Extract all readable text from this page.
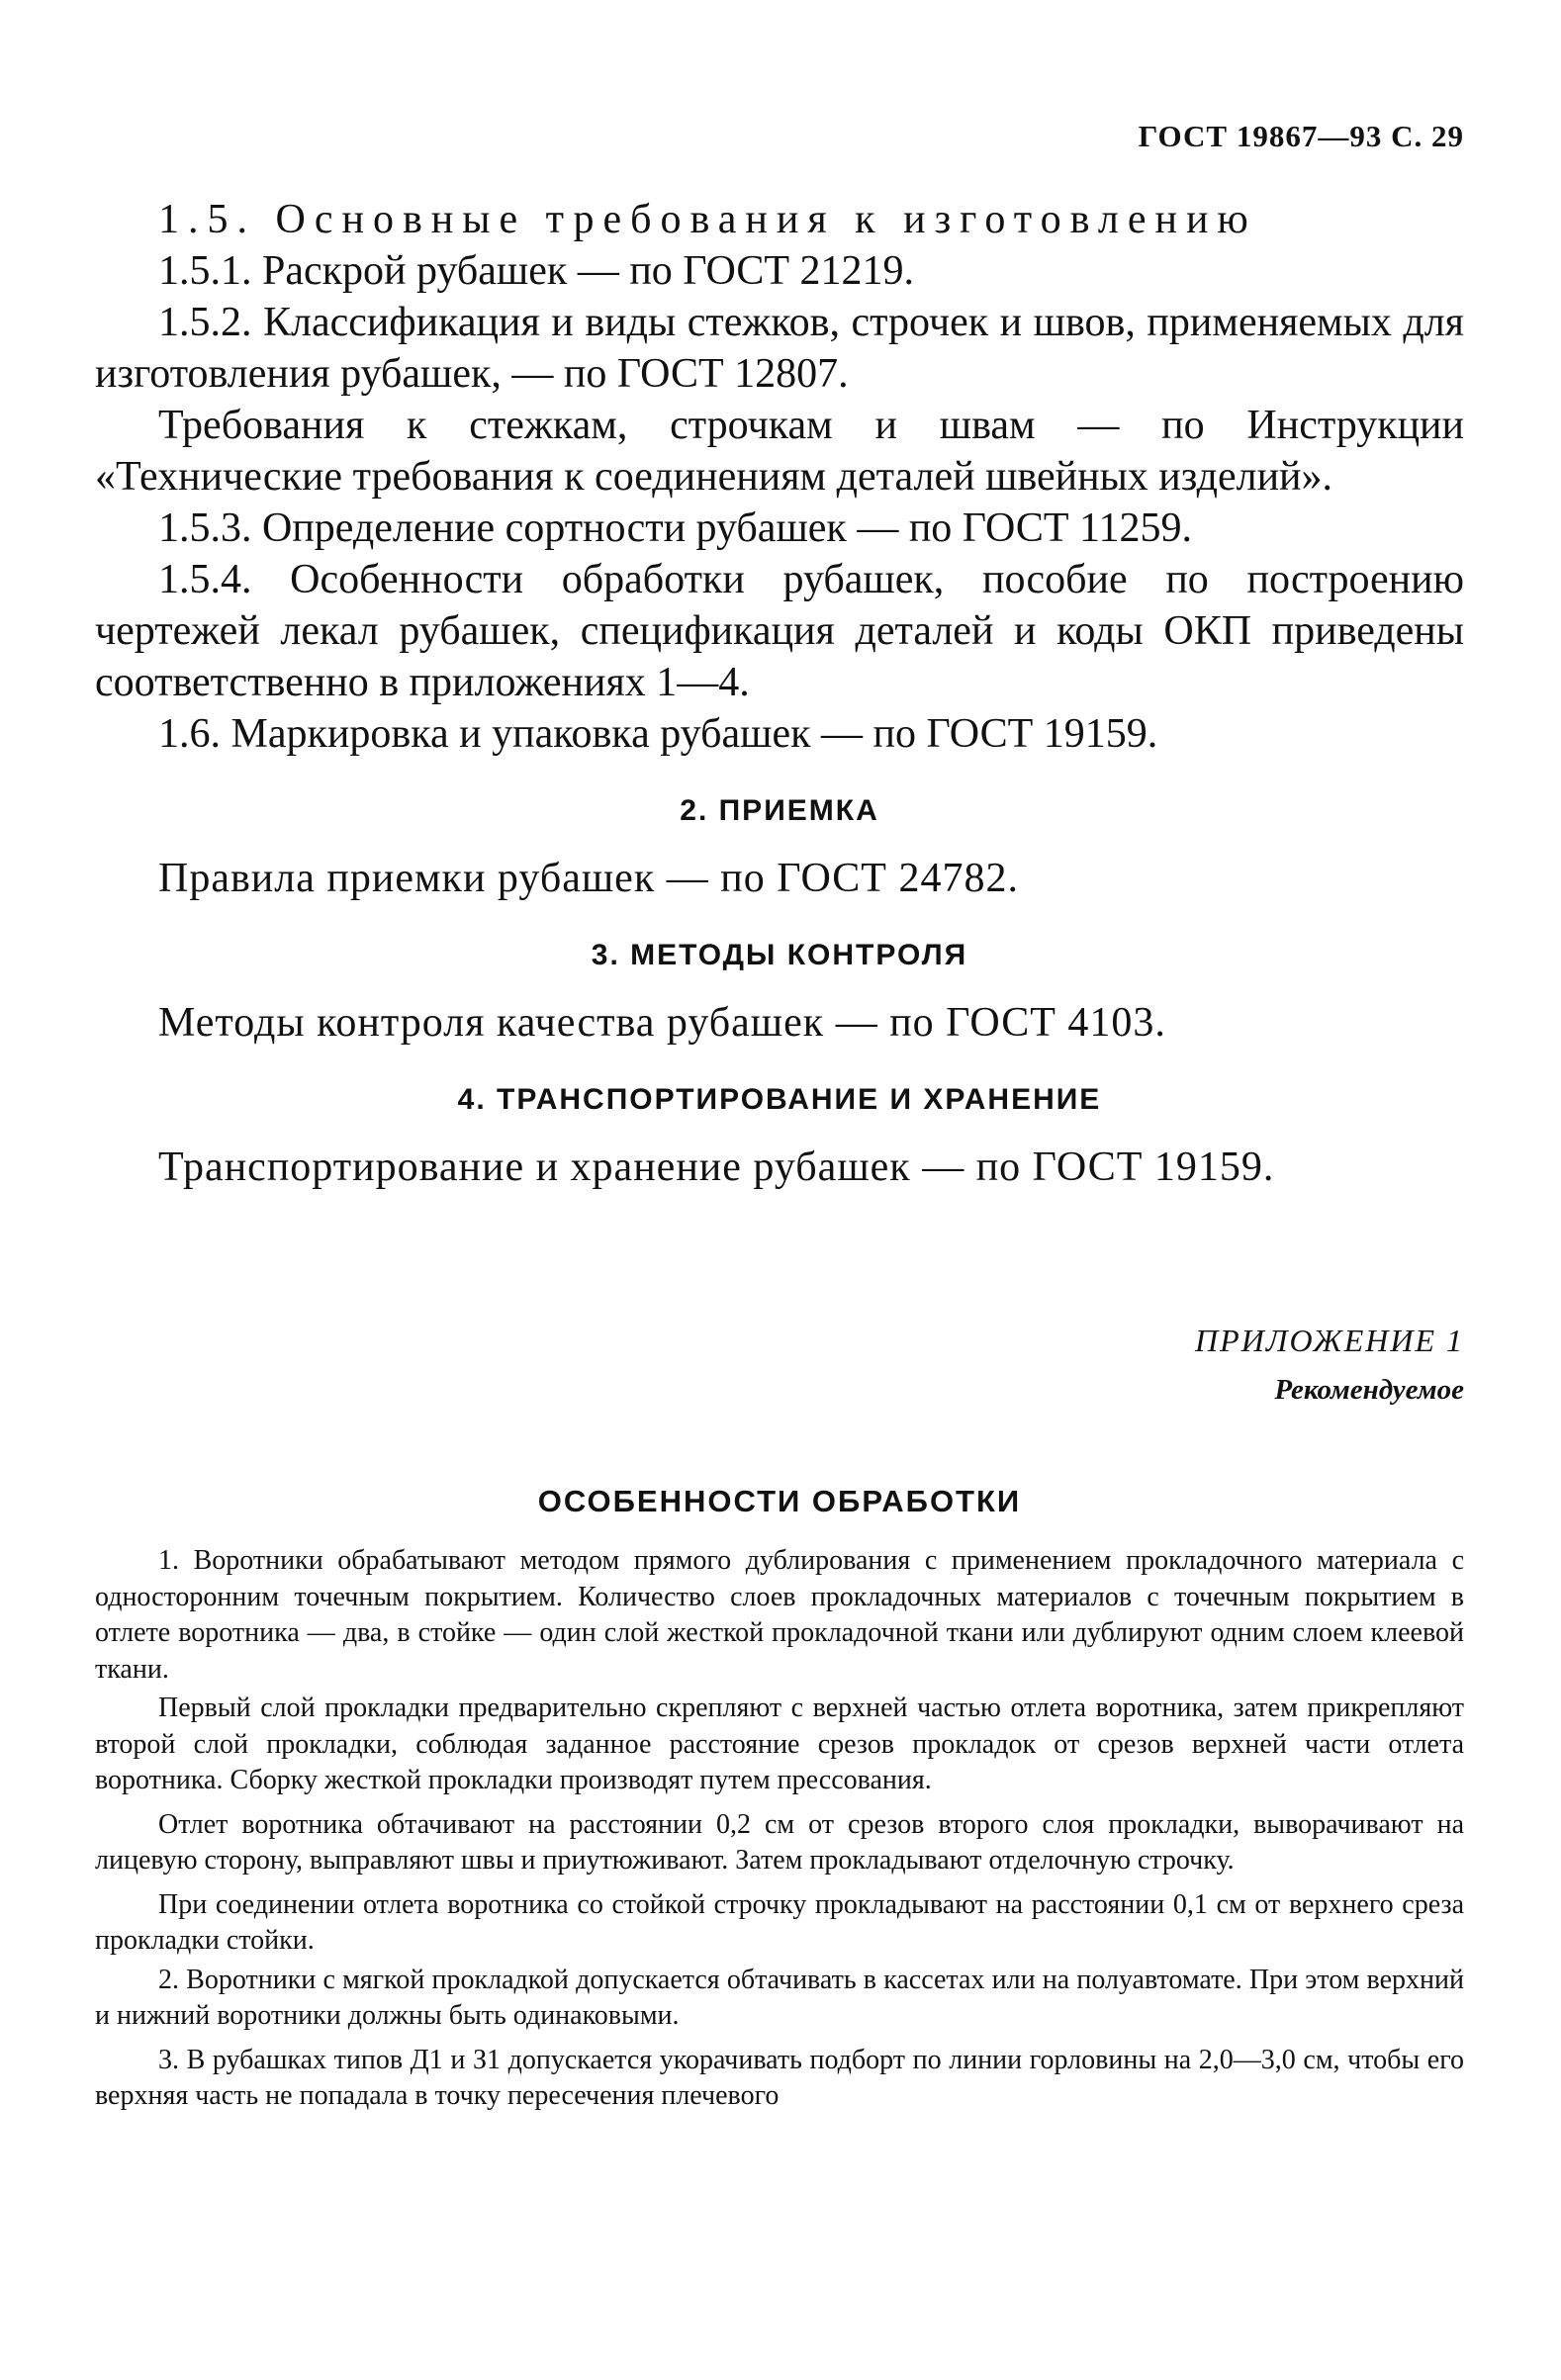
ГОСТ 19867—93 С. 29

1.5. Основные требования к изготовлению

1.5.1. Раскрой рубашек — по ГОСТ 21219.

1.5.2. Классификация и виды стежков, строчек и швов, применяемых для изготовления рубашек, — по ГОСТ 12807.

Требования к стежкам, строчкам и швам — по Инструкции «Технические требования к соединениям деталей швейных изделий».

1.5.3. Определение сортности рубашек — по ГОСТ 11259.

1.5.4. Особенности обработки рубашек, пособие по построению чертежей лекал рубашек, спецификация деталей и коды ОКП приведены соответственно в приложениях 1—4.

1.6. Маркировка и упаковка рубашек — по ГОСТ 19159.

2. ПРИЕМКА

Правила приемки рубашек — по ГОСТ 24782.

3. МЕТОДЫ КОНТРОЛЯ

Методы контроля качества рубашек — по ГОСТ 4103.

4. ТРАНСПОРТИРОВАНИЕ И ХРАНЕНИЕ

Транспортирование и хранение рубашек — по ГОСТ 19159.

ПРИЛОЖЕНИЕ 1
Рекомендуемое
ОСОБЕННОСТИ ОБРАБОТКИ

1. Воротники обрабатывают методом прямого дублирования с применением прокладочного материала с односторонним точечным покрытием. Количество слоев прокладочных материалов с точечным покрытием в отлете воротника — два, в стойке — один слой жесткой прокладочной ткани или дублируют одним слоем клеевой ткани.

Первый слой прокладки предварительно скрепляют с верхней частью отлета воротника, затем прикрепляют второй слой прокладки, соблюдая заданное расстояние срезов прокладок от срезов верхней части отлета воротника. Сборку жесткой прокладки производят путем прессования.

Отлет воротника обтачивают на расстоянии 0,2 см от срезов второго слоя прокладки, выворачивают на лицевую сторону, выправляют швы и приутюживают. Затем прокладывают отделочную строчку.

При соединении отлета воротника со стойкой строчку прокладывают на расстоянии 0,1 см от верхнего среза прокладки стойки.

2. Воротники с мягкой прокладкой допускается обтачивать в кассетах или на полуавтомате. При этом верхний и нижний воротники должны быть одинаковыми.

3. В рубашках типов Д1 и З1 допускается укорачивать подборт по линии горловины на 2,0—3,0 см, чтобы его верхняя часть не попадала в точку пересечения плечевого
